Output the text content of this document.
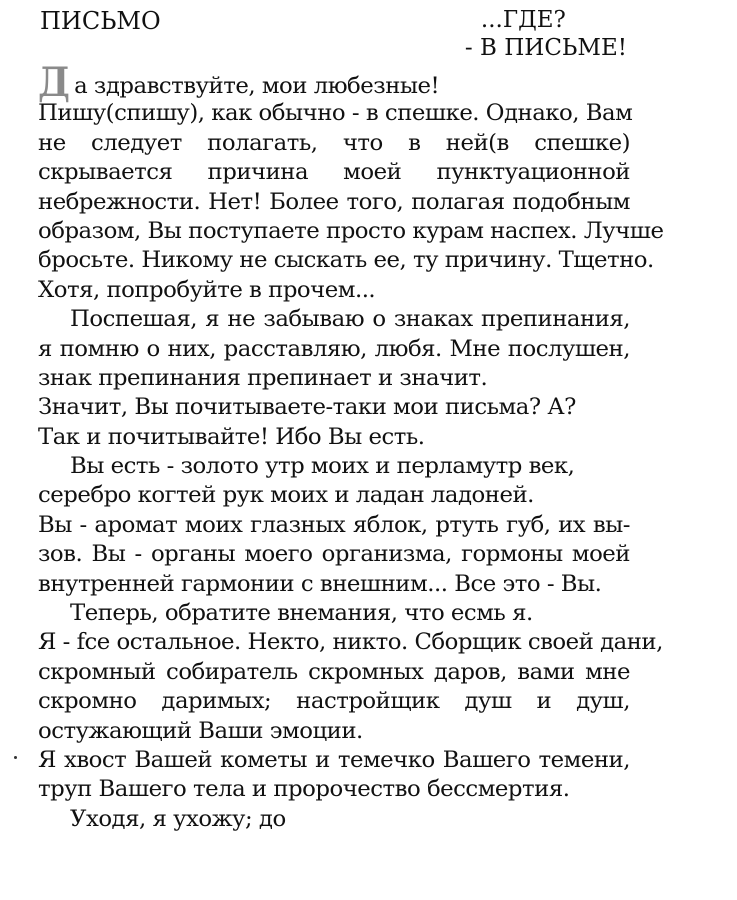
ПИСЬМО	...ГДЕ?
- В ПИСЬМЕ!
Да здравствуйте, мои любезные!
Пишу(спишу), как обычно - в спешке. Однако, Вам
не следует полагать, что в ней(в спешке)
скрывается причина моей пунктуационной
небрежности. Нет! Более того, полагая подобным
образом, Вы поступаете просто курам наспех. Лучше
бросьте. Никому не сыскать ее, ту причину. Тщетно.
Хотя, попробуйте в прочем...
Поспешая, я не забываю о знаках препинания,
я помню о них, расставляю, любя. Мне послушен,
знак препинания препинает и значит.
Значит, Вы почитываете-таки мои письма? А?
Так и почитывайте! Ибо Вы есть.
Вы есть - золото утр моих и перламутр век,
серебро когтей рук моих и ладан ладоней.
Вы - аромат моих глазных яблок, ртуть губ, их вы-
зов. Вы - органы моего организма, гормоны моей
внутренней гармонии с внешним... Все это - Вы.
Теперь, обратите внемания, что есмь я.
Я - fсе остальное. Некто, никто. Сборщик своей дани,
скромный собиратель скромных даров, вами мне
скромно даримых; настройщик душ и душ,
остужающий Ваши эмоции.
Я хвост Вашей кометы и темечко Вашего темени,
труп Вашего тела и пророчество бессмертия.
Уходя, я ухожу; до
